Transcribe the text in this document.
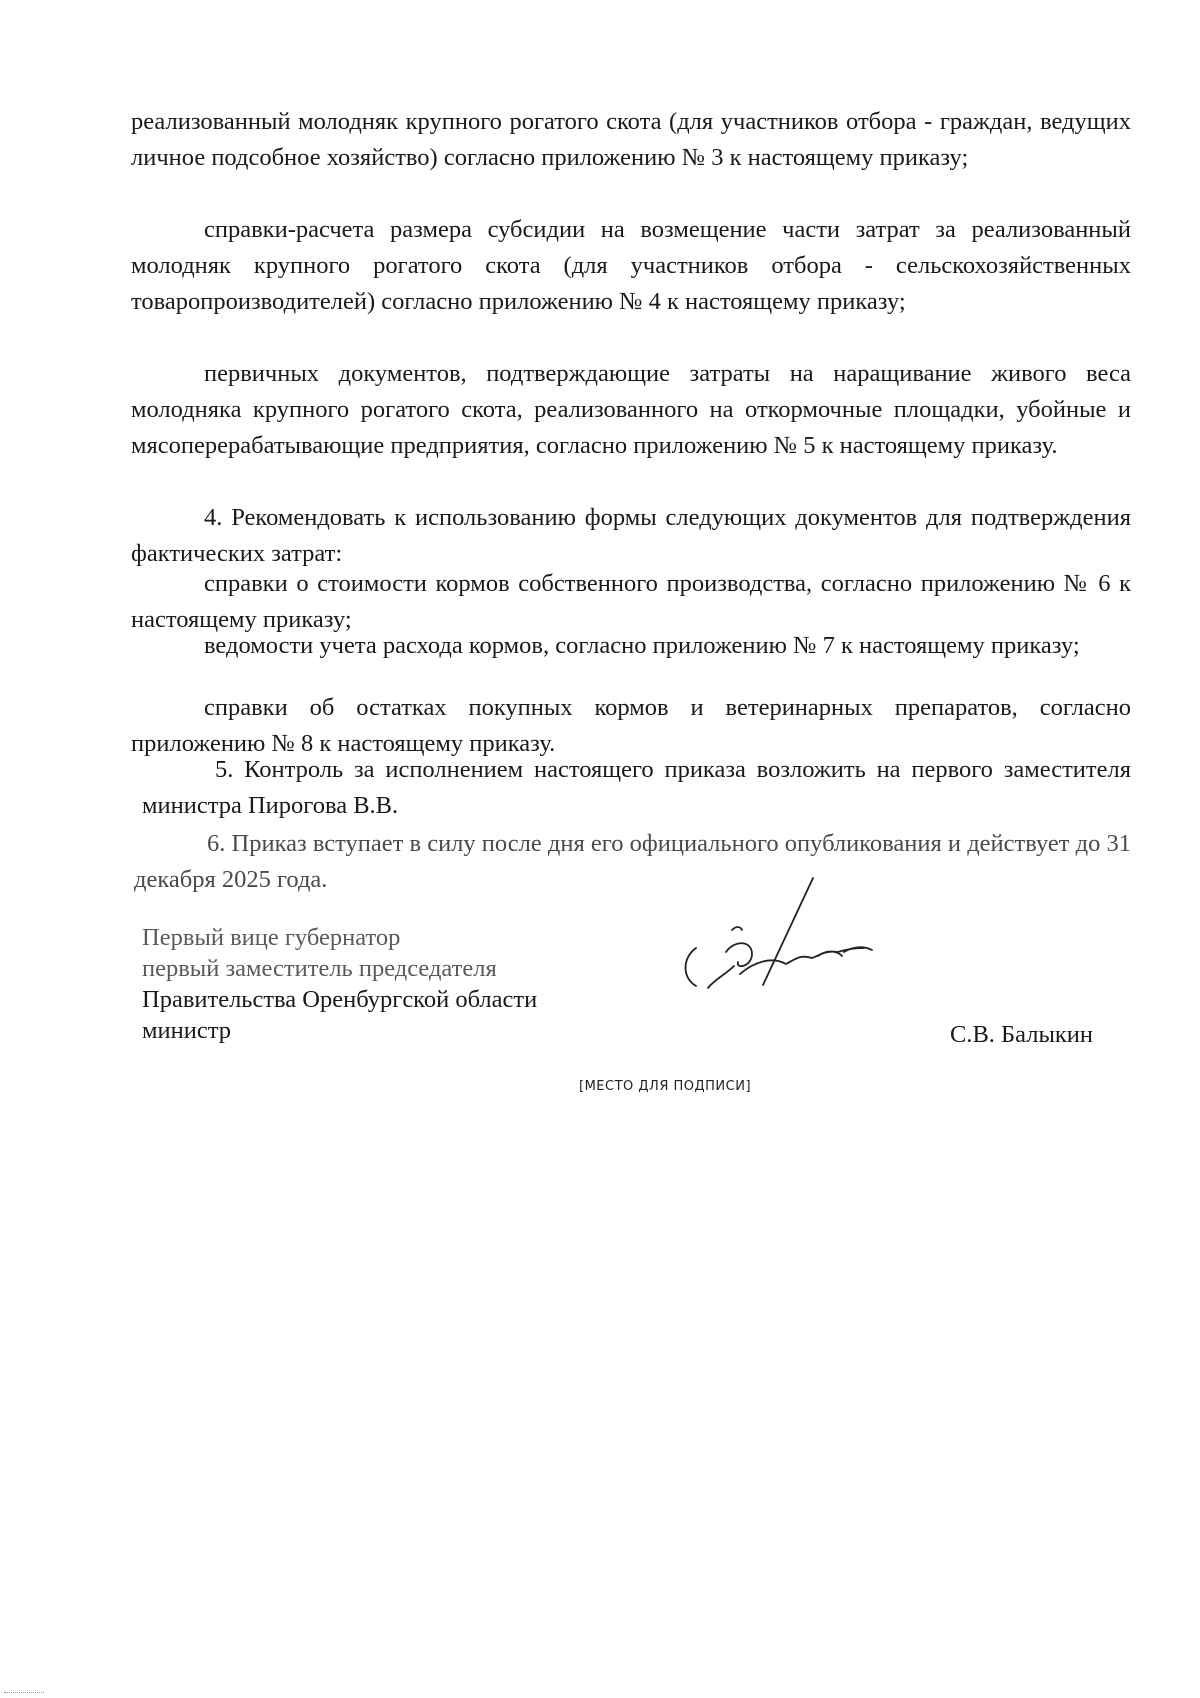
реализованный молодняк крупного рогатого скота (для участников отбора - граждан, ведущих личное подсобное хозяйство) согласно приложению № 3 к настоящему приказу;

справки-расчета размера субсидии на возмещение части затрат за реализованный молодняк крупного рогатого скота (для участников отбора - сельскохозяйственных товаропроизводителей) согласно приложению № 4 к настоящему приказу;

первичных документов, подтверждающие затраты на наращивание живого веса молодняка крупного рогатого скота, реализованного на откормочные площадки, убойные и мясоперерабатывающие предприятия, согласно приложению № 5 к настоящему приказу.

4. Рекомендовать к использованию формы следующих документов для подтверждения фактических затрат:

справки о стоимости кормов собственного производства, согласно приложению № 6 к настоящему приказу;

ведомости учета расхода кормов, согласно приложению № 7 к настоящему приказу;

справки об остатках покупных кормов и ветеринарных препаратов, согласно приложению № 8 к настоящему приказу.

5. Контроль за исполнением настоящего приказа возложить на первого заместителя министра Пирогова В.В.

6. Приказ вступает в силу после дня его официального опубликования и действует до 31 декабря 2025 года.

Первый вице губернатор
первый заместитель председателя
Правительства Оренбургской области
министр	С.В. Балыкин
[МЕСТО ДЛЯ ПОДПИСИ]
